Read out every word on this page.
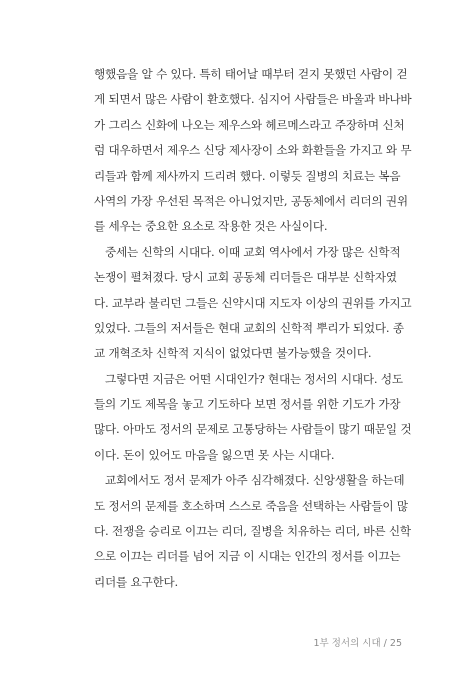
행했음을 알 수 있다. 특히 태어날 때부터 걷지 못했던 사람이 걷
게 되면서 많은 사람이 환호했다. 심지어 사람들은 바울과 바나바
가 그리스 신화에 나오는 제우스와 헤르메스라고 주장하며 신처
럼 대우하면서 제우스 신당 제사장이 소와 화환들을 가지고 와 무
리들과 함께 제사까지 드리려 했다. 이렇듯 질병의 치료는 복음
사역의 가장 우선된 목적은 아니었지만, 공동체에서 리더의 권위
를 세우는 중요한 요소로 작용한 것은 사실이다.

중세는 신학의 시대다. 이때 교회 역사에서 가장 많은 신학적
논쟁이 펼쳐졌다. 당시 교회 공동체 리더들은 대부분 신학자였
다. 교부라 불리던 그들은 신약시대 지도자 이상의 권위를 가지고
있었다. 그들의 저서들은 현대 교회의 신학적 뿌리가 되었다. 종
교 개혁조차 신학적 지식이 없었다면 불가능했을 것이다.

그렇다면 지금은 어떤 시대인가? 현대는 정서의 시대다. 성도
들의 기도 제목을 놓고 기도하다 보면 정서를 위한 기도가 가장
많다. 아마도 정서의 문제로 고통당하는 사람들이 많기 때문일 것
이다. 돈이 있어도 마음을 잃으면 못 사는 시대다.

교회에서도 정서 문제가 아주 심각해졌다. 신앙생활을 하는데
도 정서의 문제를 호소하며 스스로 죽음을 선택하는 사람들이 많
다. 전쟁을 승리로 이끄는 리더, 질병을 치유하는 리더, 바른 신학
으로 이끄는 리더를 넘어 지금 이 시대는 인간의 정서를 이끄는
리더를 요구한다.

1부 정서의 시대 / 25
